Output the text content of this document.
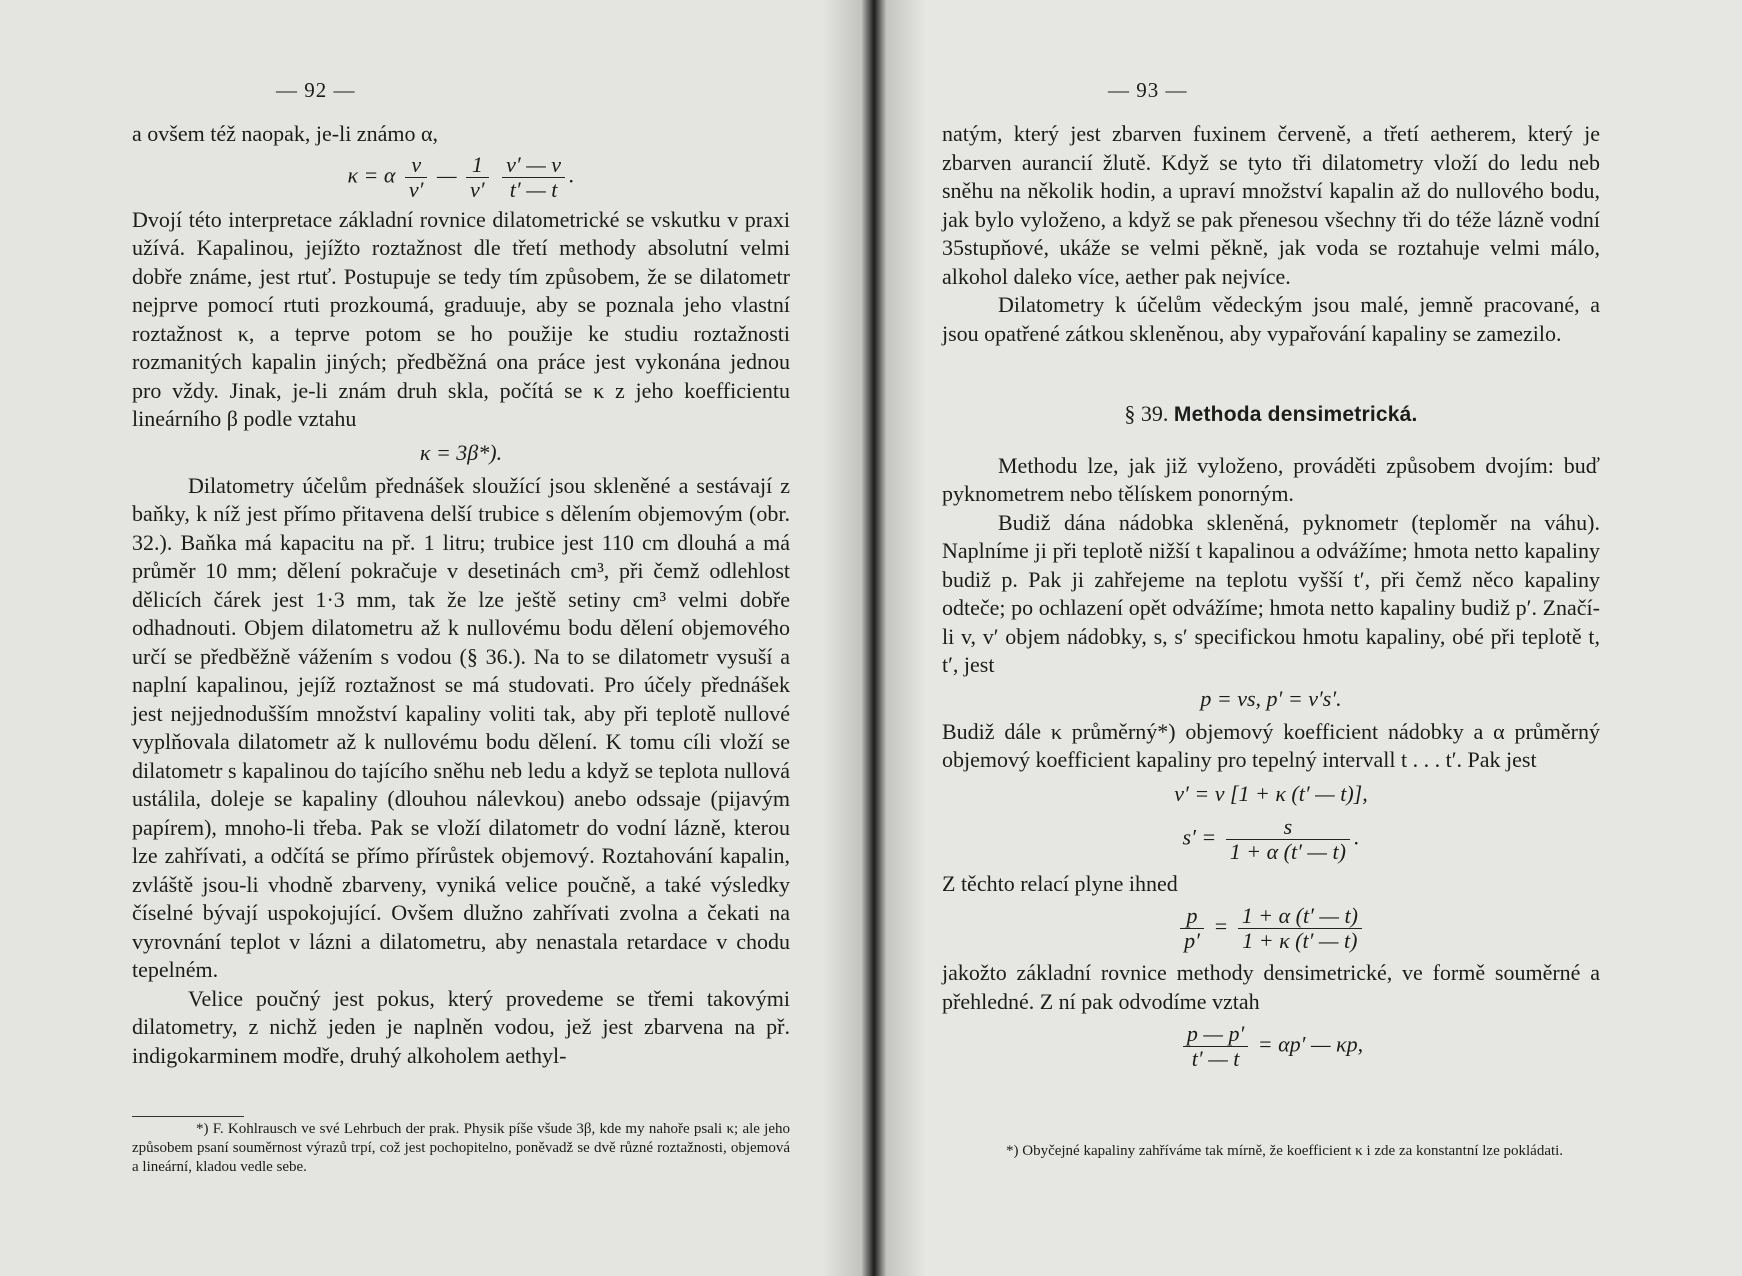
— 92 —

a ovšem též naopak, je-li známo α,

κ = α $\frac{v}{v'}$ — $\frac{1}{v'}$
$\frac{v' — v}{t' — t}$ .

Dvojí této interpretace základní rovnice dilatometrické se vskutku v praxi užívá. Kapalinou, jejížto roztažnost dle třetí methody absolutní velmi dobře známe, jest rtuť. Postupuje se tedy tím způsobem, že se dilatometr nejprve pomocí rtuti prozkoumá, graduuje, aby se poznala jeho vlastní roztažnost κ, a teprve potom se ho použije ke studiu roztažnosti rozmanitých kapalin jiných; předběžná ona práce jest vykonána jednou pro vždy. Jinak, je-li znám druh skla, počítá se κ z jeho koefficientu lineárního β podle vztahu

κ = 3β*).

Dilatometry účelům přednášek sloužící jsou skleněné a sestávají z baňky, k níž jest přímo přitavena delší trubice s dělením objemovým (obr. 32.). Baňka má kapacitu na př. 1 litru; trubice jest 110 cm dlouhá a má průměr 10 mm; dělení pokračuje v desetinách cm³, při čemž odlehlost dělicích čárek jest 1·3 mm, tak že lze ještě setiny cm³ velmi dobře odhadnouti. Objem dilatometru až k nullovému bodu dělení objemového určí se předběžně vážením s vodou (§ 36.). Na to se dilatometr vysuší a naplní kapalinou, jejíž roztažnost se má studovati. Pro účely přednášek jest nejjednodušším množství kapaliny voliti tak, aby při teplotě nullové vyplňovala dilatometr až k nullovému bodu dělení. K tomu cíli vloží se dilatometr s kapalinou do tajícího sněhu neb ledu a když se teplota nullová ustálila, doleje se kapaliny (dlouhou nálevkou) anebo odssaje (pijavým papírem), mnoho-li třeba. Pak se vloží dilatometr do vodní lázně, kterou lze zahřívati, a odčítá se přímo přírůstek objemový. Roztahování kapalin, zvláště jsou-li vhodně zbarveny, vyniká velice poučně, a také výsledky číselné bývají uspokojující. Ovšem dlužno zahřívati zvolna a čekati na vyrovnání teplot v lázni a dilatometru, aby nenastala retardace v chodu tepelném.

Velice poučný jest pokus, který provedeme se třemi takovými dilatometry, z nichž jeden je naplněn vodou, jež jest zbarvena na př. indigokarminem modře, druhý alkoholem aethyl-

*) F. Kohlrausch ve své Lehrbuch der prak. Physik píše všude 3β, kde my nahoře psali κ; ale jeho způsobem psaní souměrnost výrazů trpí, což jest pochopitelno, poněvadž se dvě různé roztažnosti, objemová a lineární, kladou vedle sebe.
— 93 —

natým, který jest zbarven fuxinem červeně, a třetí aetherem, který je zbarven aurancií žlutě. Když se tyto tři dilatometry vloží do ledu neb sněhu na několik hodin, a upraví množství kapalin až do nullového bodu, jak bylo vyloženo, a když se pak přenesou všechny tři do téže lázně vodní 35stupňové, ukáže se velmi pěkně, jak voda se roztahuje velmi málo, alkohol daleko více, aether pak nejvíce.

Dilatometry k účelům vědeckým jsou malé, jemně pracované, a jsou opatřené zátkou skleněnou, aby vypařování kapaliny se zamezilo.

§ 39. Methoda densimetrická.

Methodu lze, jak již vyloženo, prováděti způsobem dvojím: buď pyknometrem nebo tělískem ponorným.

Budiž dána nádobka skleněná, pyknometr (teploměr na váhu). Naplníme ji při teplotě nižší t kapalinou a odvážíme; hmota netto kapaliny budiž p. Pak ji zahřejeme na teplotu vyšší t′, při čemž něco kapaliny odteče; po ochlazení opět odvážíme; hmota netto kapaliny budiž p′. Značí-li v, v′ objem nádobky, s, s′ specifickou hmotu kapaliny, obé při teplotě t, t′, jest

p = vs, p′ = v′s′.

Budiž dále κ průměrný*) objemový koefficient nádobky a α průměrný objemový koefficient kapaliny pro tepelný intervall t . . . t′. Pak jest

v′ = v [1 + κ (t′ — t)],
$s' = \frac{s}{1 + \alpha (t' — t)}$ .

Z těchto relací plyne ihned

$\frac{p}{p'} = \frac{1 + \alpha (t' — t)}{1 + \kappa (t' — t)}$

jakožto základní rovnice methody densimetrické, ve formě souměrné a přehledné. Z ní pak odvodíme vztah

$\frac{p — p'}{t' — t} = \alpha p'$ — κp,
*) Obyčejné kapaliny zahříváme tak mírně, že koefficient κ i zde za konstantní lze pokládati.
